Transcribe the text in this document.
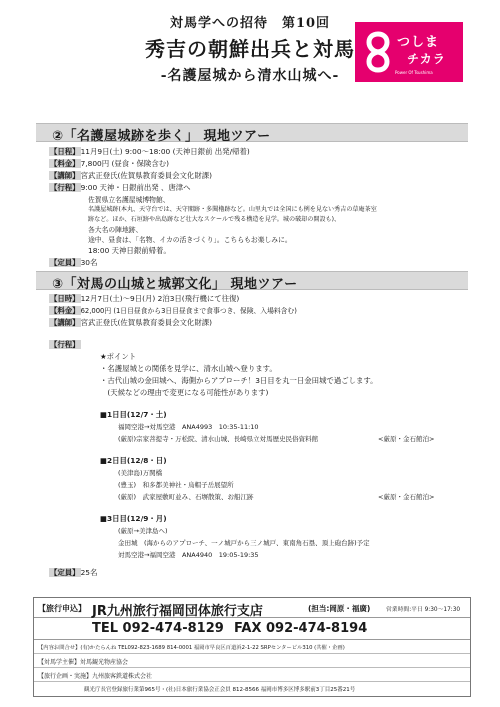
対馬学への招待　第10回
秀吉の朝鮮出兵と対馬
-名護屋城から清水山城へ-
つしま
チカラ
Power Of Tsushima
②「名護屋城跡を歩く」 現地ツアー
【日程】11月9日(土) 9:00～18:00 (天神日銀前 出発/帰着)
【料金】7,800円 (昼食・保険含む)
【講師】宮武正登氏(佐賀県教育委員会文化財課)
【行程】9:00 天神・日銀前出発 、唐津へ
佐賀県立名護屋城博物館、
名護屋城跡(本丸、天守台では、天守閣跡・多聞櫓跡など。山里丸では全国にも例を見ない秀吉の草庵茶室
跡など。ほか、石垣跡や出島跡など壮大なスケールで残る構造を見学。城の破却の開設も)、
各大名の陣地跡、
途中、昼食は、「名物、イカの活きづくり」。こちらもお楽しみに。
18:00 天神日銀前帰着。
【定員】30名
③「対馬の山城と城郭文化」 現地ツアー
【日時】12月7日(土)～9日(月) 2泊3日(飛行機にて往復)
【料金】62,000円 (1日目昼食から3日目昼食まで食事つき、保険、入場料含む)
【講師】宮武正登氏(佐賀県教育委員会文化財課)
【行程】
★ポイント
・名護屋城との関係を見学に、清水山城へ登ります。
・古代山城の金田城へ、海側からアプローチ！3日目を丸一日金田城で過ごします。
　(天候などの理由で変更になる可能性があります)
■1日目(12/7・土)
福岡空港→対馬空港　ANA4993　10:35-11:10
(厳原)宗家菩提寺・万松院、清水山城、長崎県立対馬歴史民俗資料館	<厳原・金石館泊>
■2日目(12/8・日)
(美津島)万関橋
(豊玉)　和多都美神社・烏帽子岳展望所
(厳原)　武家屋敷町並み、石塀散策、お船江跡	<厳原・金石館泊>
■3日目(12/9・月)
(厳原→美津島へ)
金田城　(海からのアプローチ、一ノ城戸から三ノ城戸、東南角石塁、頂上砲台跡)予定
対馬空港→福岡空港　ANA4940　19:05-19:35
【定員】25名
【旅行申込】 JR九州旅行福岡団体旅行支店	(担当:岡原・福廣)	営業時間:平日 9:30～17:30
TEL 092-474-8129 FAX 092-474-8194
【内容お問合せ】(有)かたらんね TEL092-823-1689 814-0001 福岡市早良区百道浜2-1-22 SRPセンタービル310 (共催・企画)
【対馬学主催】対馬観光物産協会
【旅行企画・実施】九州旅客鉄道株式会社
観光庁長官登録旅行業第965号・(社)日本旅行業協会正会員 812-8566 福岡市博多区博多駅前3丁目25番21号
